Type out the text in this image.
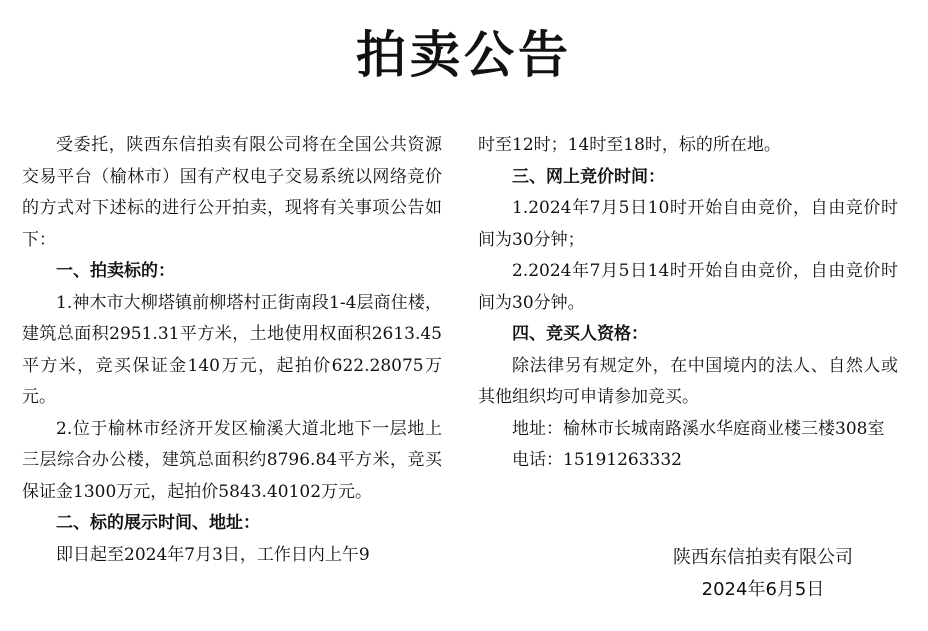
拍卖公告

受委托，陕西东信拍卖有限公司将在全国公共资源交易平台（榆林市）国有产权电子交易系统以网络竞价的方式对下述标的进行公开拍卖，现将有关事项公告如下：

一、拍卖标的：

1.神木市大柳塔镇前柳塔村正街南段1-4层商住楼，建筑总面积2951.31平方米，土地使用权面积2613.45平方米，竞买保证金140万元，起拍价622.28075万元。

2.位于榆林市经济开发区榆溪大道北地下一层地上三层综合办公楼，建筑总面积约8796.84平方米，竞买保证金1300万元，起拍价5843.40102万元。

二、标的展示时间、地址：

即日起至2024年7月3日，工作日内上午9

时至12时；14时至18时，标的所在地。

三、网上竞价时间：

1.2024年7月5日10时开始自由竞价，自由竞价时间为30分钟；

2.2024年7月5日14时开始自由竞价，自由竞价时间为30分钟。

四、竞买人资格：

除法律另有规定外，在中国境内的法人、自然人或其他组织均可申请参加竞买。

地址：榆林市长城南路溪水华庭商业楼三楼308室

电话：15191263332

陕西东信拍卖有限公司

2024年6月5日
